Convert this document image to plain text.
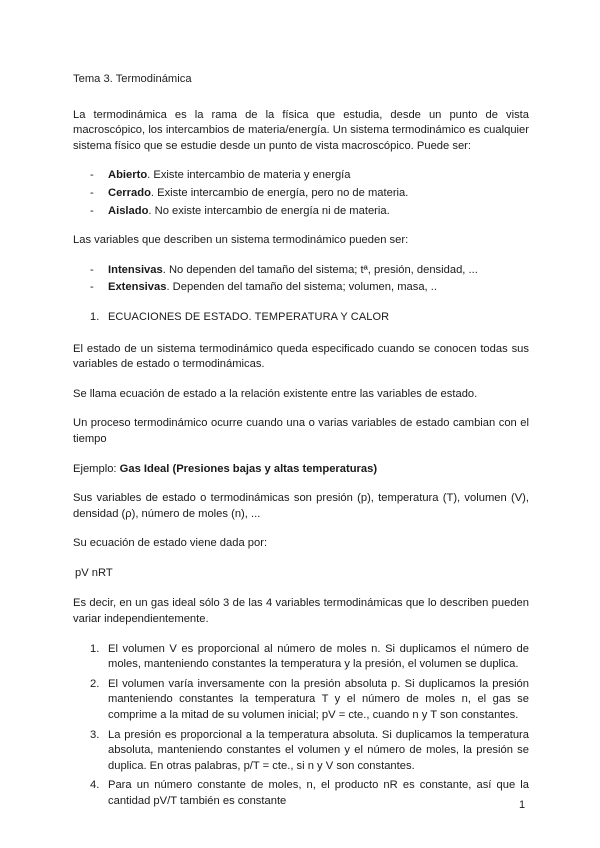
Tema 3. Termodinámica

La termodinámica es la rama de la física que estudia, desde un punto de vista macroscópico, los intercambios de materia/energía. Un sistema termodinámico es cualquier sistema físico que se estudie desde un punto de vista macroscópico. Puede ser:

- Abierto. Existe intercambio de materia y energía
- Cerrado. Existe intercambio de energía, pero no de materia.
- Aislado. No existe intercambio de energía ni de materia.

Las variables que describen un sistema termodinámico pueden ser:

- Intensivas. No dependen del tamaño del sistema; tª, presión, densidad, ...
- Extensivas. Dependen del tamaño del sistema; volumen, masa, ..

1. ECUACIONES DE ESTADO. TEMPERATURA Y CALOR

El estado de un sistema termodinámico queda especificado cuando se conocen todas sus variables de estado o termodinámicas.

Se llama ecuación de estado a la relación existente entre las variables de estado.

Un proceso termodinámico ocurre cuando una o varias variables de estado cambian con el tiempo

Ejemplo: Gas Ideal (Presiones bajas y altas temperaturas)

Sus variables de estado o termodinámicas son presión (p), temperatura (T), volumen (V), densidad (ρ), número de moles (n), ...

Su ecuación de estado viene dada por:

pV nRT

Es decir, en un gas ideal sólo 3 de las 4 variables termodinámicas que lo describen pueden variar independientemente.

1. El volumen V es proporcional al número de moles n. Si duplicamos el número de moles, manteniendo constantes la temperatura y la presión, el volumen se duplica.
2. El volumen varía inversamente con la presión absoluta p. Si duplicamos la presión manteniendo constantes la temperatura T y el número de moles n, el gas se comprime a la mitad de su volumen inicial; pV = cte., cuando n y T son constantes.
3. La presión es proporcional a la temperatura absoluta. Si duplicamos la temperatura absoluta, manteniendo constantes el volumen y el número de moles, la presión se duplica. En otras palabras, p/T = cte., si n y V son constantes.
4. Para un número constante de moles, n, el producto nR es constante, así que la cantidad pV/T también es constante	1
